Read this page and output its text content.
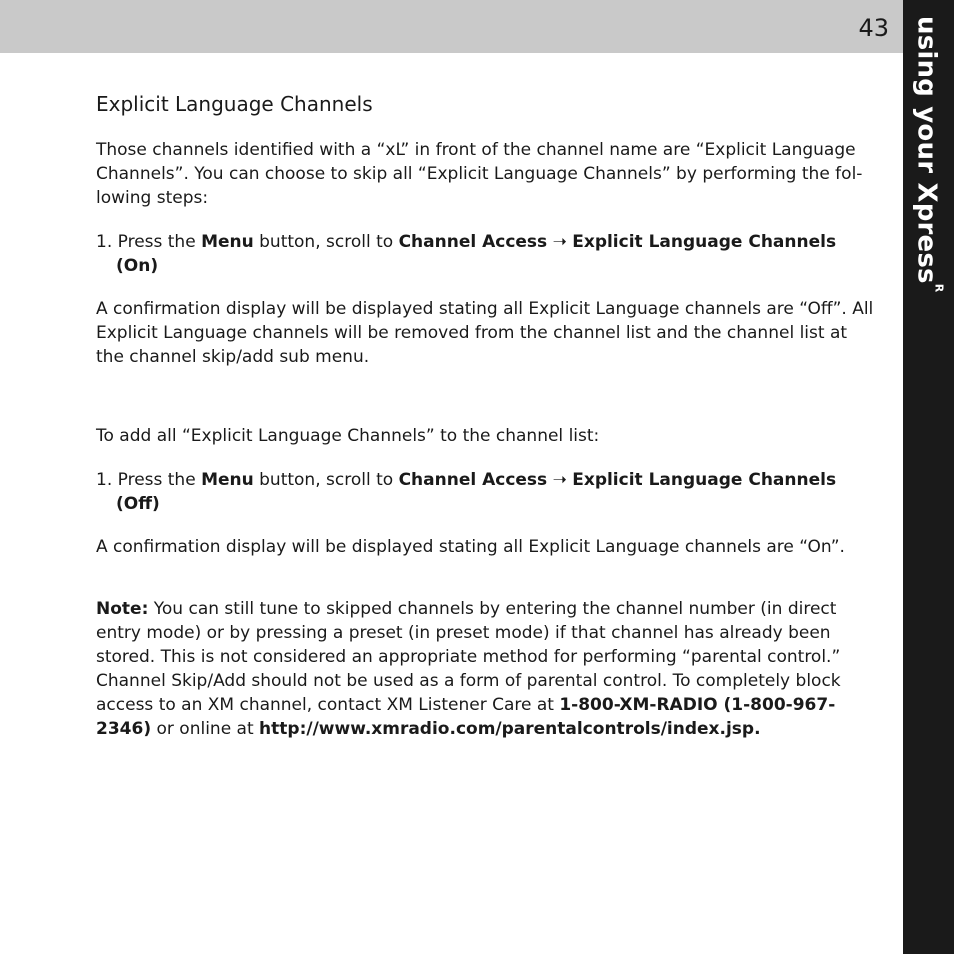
43 using your Xpress$^R$
Explicit Language Channels

Those channels identified with a “xL” in front of the channel name are “Explicit Language Channels”. You can choose to skip all “Explicit Language Channels” by performing the fol-lowing steps:

1. Press the Menu button, scroll to Channel Access ➝ Explicit Language Channels (On)

A confirmation display will be displayed stating all Explicit Language channels are “Off”. All Explicit Language channels will be removed from the channel list and the channel list at the channel skip/add sub menu.

To add all “Explicit Language Channels” to the channel list:

1. Press the Menu button, scroll to Channel Access ➝ Explicit Language Channels (Off)

A confirmation display will be displayed stating all Explicit Language channels are “On”.

Note: You can still tune to skipped channels by entering the channel number (in direct entry mode) or by pressing a preset (in preset mode) if that channel has already been stored. This is not considered an appropriate method for performing “parental control.” Channel Skip/Add should not be used as a form of parental control. To completely block access to an XM channel, contact XM Listener Care at 1-800-XM-RADIO (1-800-967-2346) or online at http://www.xmradio.com/parentalcontrols/index.jsp.
